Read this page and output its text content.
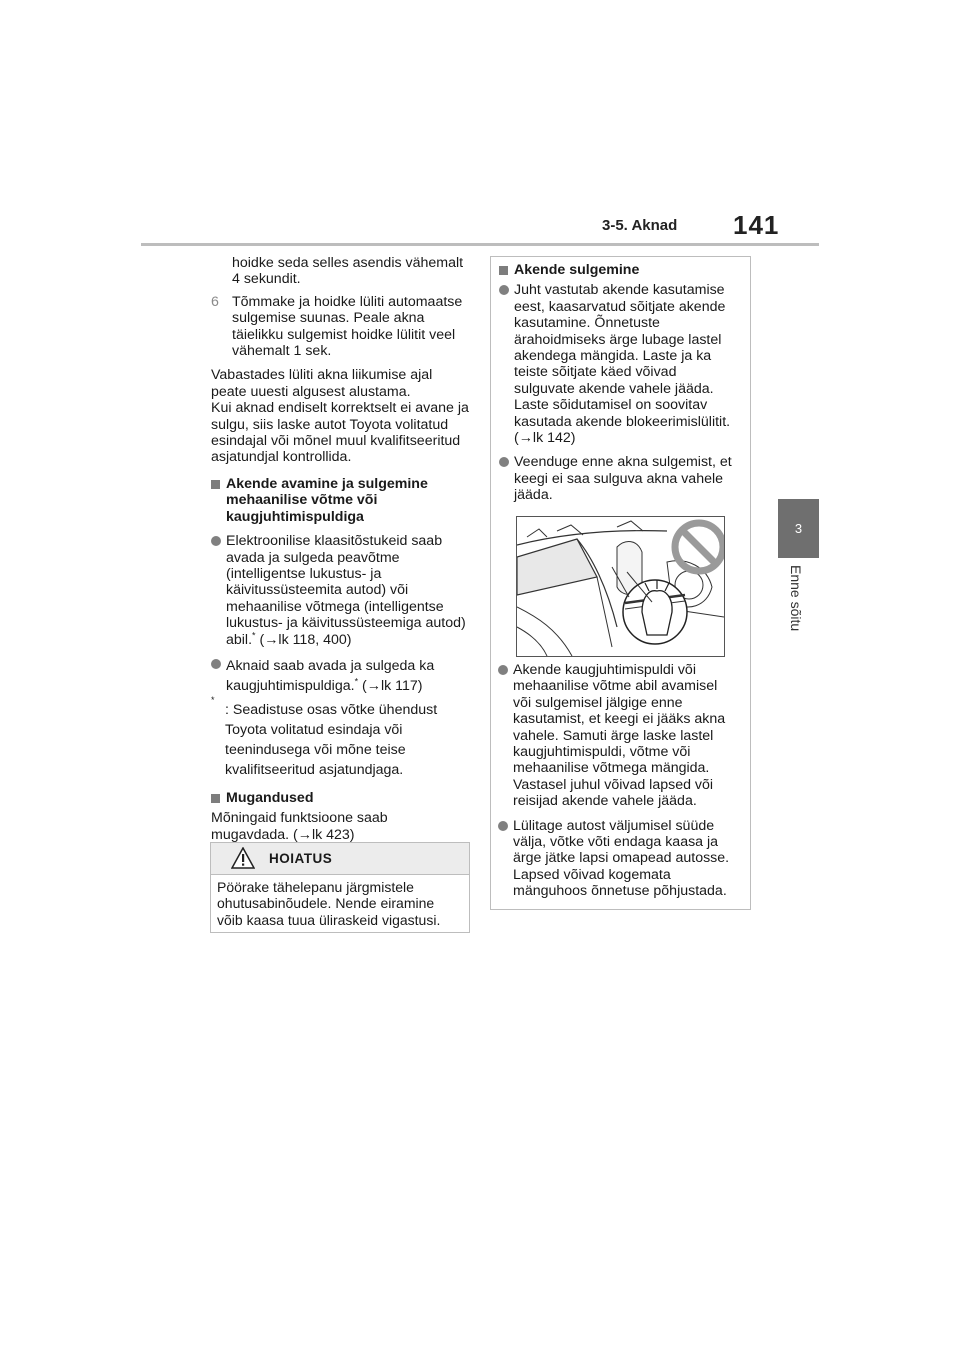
3-5. Aknad 141
3
Enne sõitu

hoidke seda selles asendis vähemalt 4 sekundit.

6 Tõmmake ja hoidke lüliti automaatse sulgemise suunas. Peale akna täielikku sulgemist hoidke lülitit veel vähemalt 1 sek.

Vabastades lüliti akna liikumise ajal peate uuesti algusest alustama.

Kui aknad endiselt korrektselt ei avane ja sulgu, siis laske autot Toyota volitatud esindajal või mõnel muul kvalifitseeritud asjatundjal kontrollida.

Akende avamine ja sulgemine mehaanilise võtme või kaugjuhtimispuldiga
Elektroonilise klaasitõstukeid saab avada ja sulgeda peavõtme (intelligentse lukustus- ja käivitussüsteemita autod) või mehaanilise võtmega (intelligentse lukustus- ja käivitussüsteemiga autod) abil.* (→lk 118, 400)
Aknaid saab avada ja sulgeda ka kaugjuhtimispuldiga.* (→lk 117)
*
: Seadistuse osas võtke ühendust Toyota volitatud esindaja või teenindusega või mõne teise kvalifitseeritud asjatundjaga.
Mugandused

Mõningaid funktsioone saab mugavdada. (→lk 423)

HOIATUS
Pöörake tähelepanu järgmistele ohutusabinõudele. Nende eiramine võib kaasa tuua üliraskeid vigastusi.
Akende sulgemine
Juht vastutab akende kasutamise eest, kaasarvatud sõitjate akende kasutamine. Õnnetuste ärahoidmiseks ärge lubage lastel akendega mängida. Laste ja ka teiste sõitjate käed võivad sulguvate akende vahele jääda. Laste sõidutamisel on soovitav kasutada akende blokeerimislülitit. (→lk 142)
Veenduge enne akna sulgemist, et keegi ei saa sulguva akna vahele jääda.
Akende kaugjuhtimispuldi või mehaanilise võtme abil avamisel või sulgemisel jälgige enne kasutamist, et keegi ei jääks akna vahele. Samuti ärge laske lastel kaugjuhtimispuldi, võtme või mehaanilise võtmega mängida. Vastasel juhul võivad lapsed või reisijad akende vahele jääda.
Lülitage autost väljumisel süüde välja, võtke võti endaga kaasa ja ärge jätke lapsi omapead autosse. Lapsed võivad kogemata mänguhoos õnnetuse põhjustada.
